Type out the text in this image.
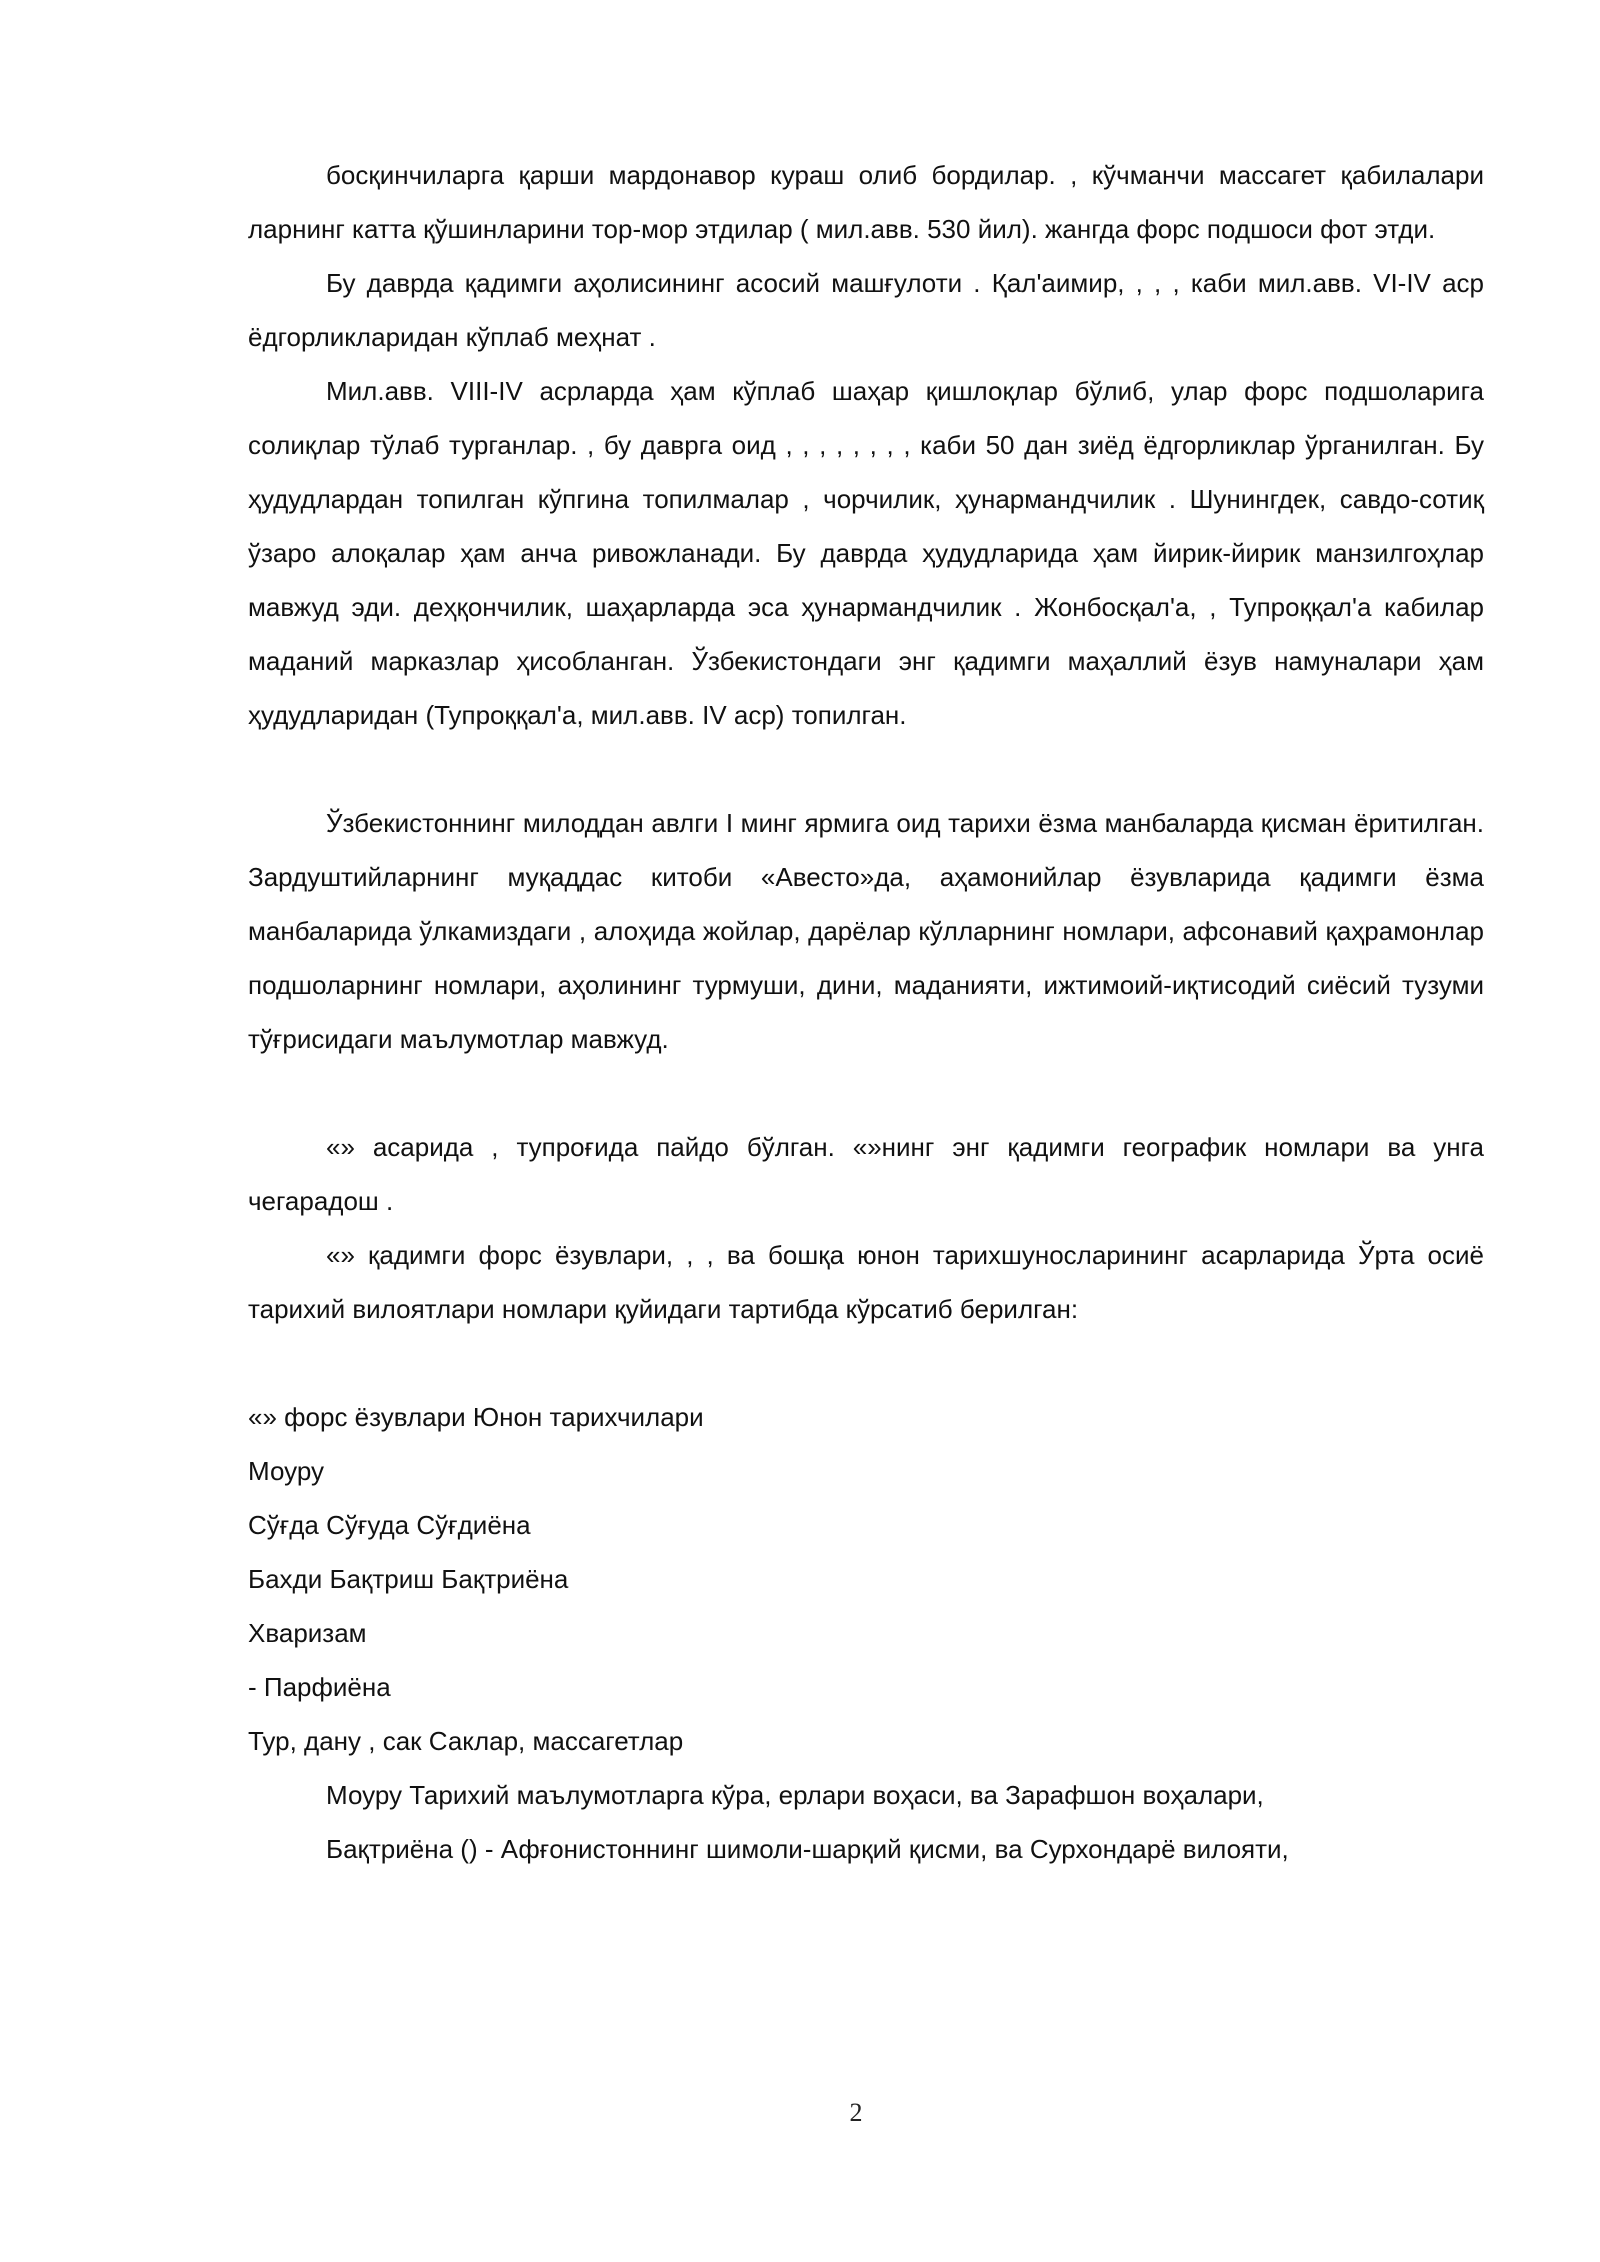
босқинчиларга қарши мардонавор кураш олиб бордилар. , кўчманчи массагет қабилалари ларнинг катта қўшинларини тор-мор этдилар ( мил.авв. 530 йил). жангда форс подшоси фот этди.

Бу даврда қадимги аҳолисининг асосий машғулоти . Қал'аимир, , , , каби мил.авв. VI-IV аср ёдгорликларидан кўплаб меҳнат .

Мил.авв. VIII-IV асрларда ҳам кўплаб шаҳар қишлоқлар бўлиб, улар форс подшоларига солиқлар тўлаб турганлар. , бу даврга оид , , , , , , , , каби 50 дан зиёд ёдгорликлар ўрганилган. Бу ҳудудлардан топилган кўпгина топилмалар , чорчилик, ҳунармандчилик . Шунингдек, савдо-сотиқ ўзаро алоқалар ҳам анча ривожланади. Бу даврда ҳудудларида ҳам йирик-йирик манзилгоҳлар мавжуд эди. деҳқончилик, шаҳарларда эса ҳунармандчилик . Жонбосқал'а, , Тупроққал'а кабилар маданий марказлар ҳисобланган. Ўзбекистондаги энг қадимги маҳаллий ёзув намуналари ҳам ҳудудларидан (Тупроққал'а, мил.авв. IV аср) топилган.

Ўзбекистоннинг милоддан авлги I минг ярмига оид тарихи ёзма манбаларда қисман ёритилган. Зардуштийларнинг муқаддас китоби «Авесто»да, аҳамонийлар ёзувларида қадимги ёзма манбаларида ўлкамиздаги , алоҳида жойлар, дарёлар кўлларнинг номлари, афсонавий қаҳрамонлар подшоларнинг номлари, аҳолининг турмуши, дини, маданияти, ижтимоий-иқтисодий сиёсий тузуми тўғрисидаги маълумотлар мавжуд.

«» асарида , тупроғида пайдо бўлган. «»нинг энг қадимги географик номлари ва унга чегарадош .

«» қадимги форс ёзувлари, , , ва бошқа юнон тарихшуносларининг асарларида Ўрта осиё тарихий вилоятлари номлари қуйидаги тартибда кўрсатиб берилган:

«» форс ёзувлари Юнон тарихчилари
Моуру
Сўғда Сўғуда Сўғдиёна
Бахди Бақтриш Бақтриёна
Хваризам
- Парфиёна
Тур, дану , сак Саклар, массагетлар
Моуру Тарихий маълумотларга кўра, ерлари воҳаси, ва Зарафшон воҳалари,
Бақтриёна () - Афғонистоннинг шимоли-шарқий қисми, ва Сурхондарё вилояти,
2
